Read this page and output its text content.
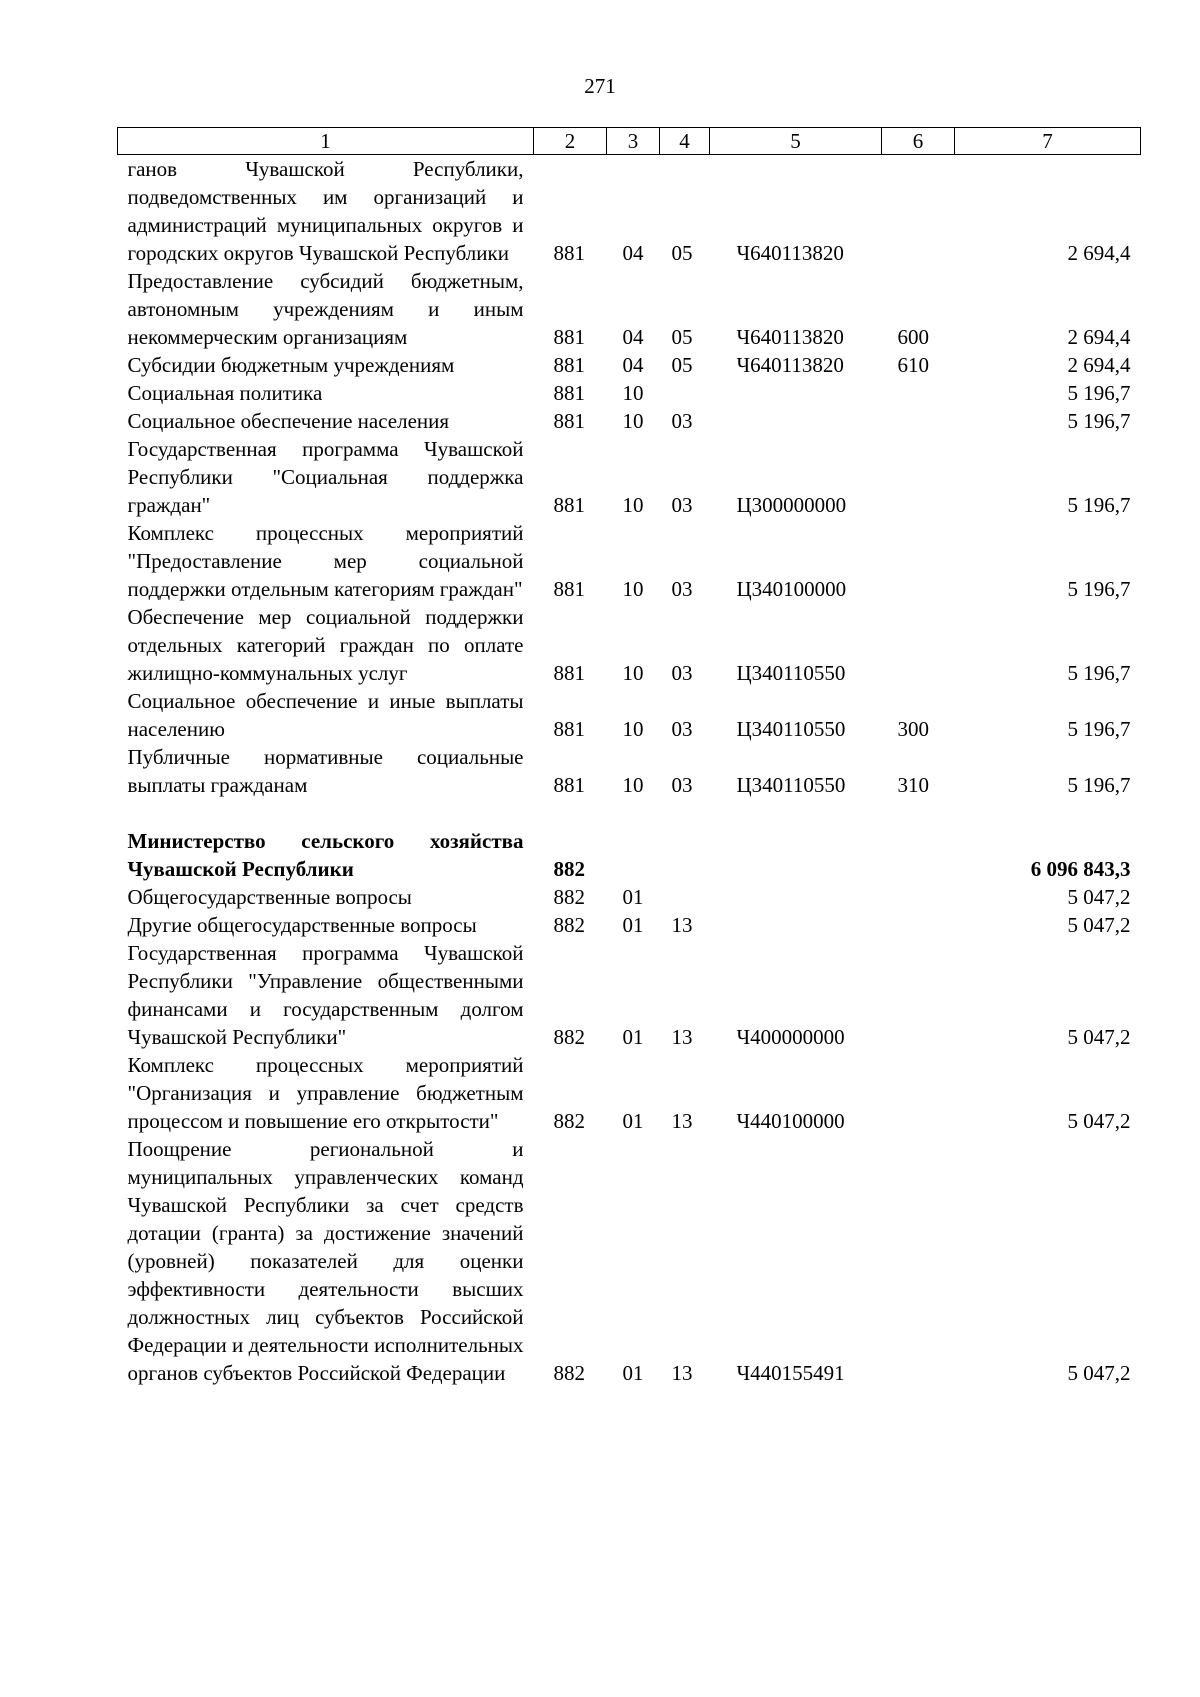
271
1	2	3	4	5	6	7
ганов Чувашской Республики, подведомственных им организаций и администраций муниципальных округов и городских округов Чувашской Республики	881	04	05	Ч640113820		2 694,4
Предоставление субсидий бюджетным, автономным учреждениям и иным некоммерческим организациям	881	04	05	Ч640113820	600	2 694,4
Субсидии бюджетным учреждениям	881	04	05	Ч640113820	610	2 694,4
Социальная политика	881	10				5 196,7
Социальное обеспечение населения	881	10	03			5 196,7
Государственная программа Чувашской Республики "Социальная поддержка граждан"	881	10	03	Ц300000000		5 196,7
Комплекс процессных мероприятий "Предоставление мер социальной поддержки отдельным категориям граждан"	881	10	03	Ц340100000		5 196,7
Обеспечение мер социальной поддержки отдельных категорий граждан по оплате жилищно-коммунальных услуг	881	10	03	Ц340110550		5 196,7
Социальное обеспечение и иные выплаты населению	881	10	03	Ц340110550	300	5 196,7
Публичные нормативные социальные выплаты гражданам	881	10	03	Ц340110550	310	5 196,7

Министерство сельского хозяйства Чувашской Республики	882					6 096 843,3
Общегосударственные вопросы	882	01				5 047,2
Другие общегосударственные вопросы	882	01	13			5 047,2
Государственная программа Чувашской Республики "Управление общественными финансами и государственным долгом Чувашской Республики"	882	01	13	Ч400000000		5 047,2
Комплекс процессных мероприятий "Организация и управление бюджетным процессом и повышение его открытости"	882	01	13	Ч440100000		5 047,2
Поощрение региональной и муниципальных управленческих команд Чувашской Республики за счет средств дотации (гранта) за достижение значений (уровней) показателей для оценки эффективности деятельности высших должностных лиц субъектов Российской Федерации и деятельности исполнительных органов субъектов Российской Федерации	882	01	13	Ч440155491		5 047,2
